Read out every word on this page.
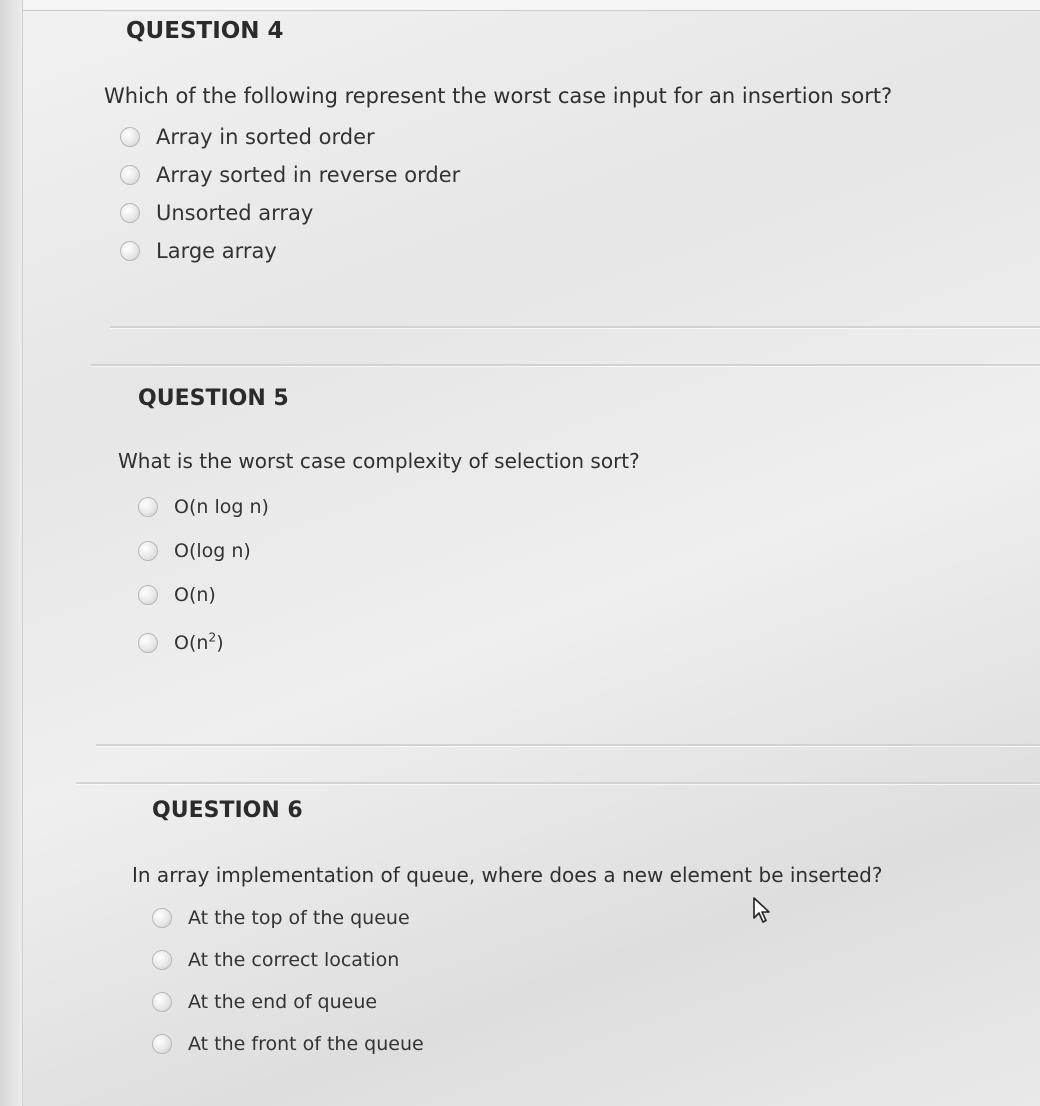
QUESTION 4
Which of the following represent the worst case input for an insertion sort?
Array in sorted order
Array sorted in reverse order
Unsorted array
Large array
QUESTION 5
What is the worst case complexity of selection sort?
O(n log n)
O(log n)
O(n)
$O(n^2)$
QUESTION 6
In array implementation of queue, where does a new element be inserted?
At the top of the queue
At the correct location
At the end of queue
At the front of the queue
